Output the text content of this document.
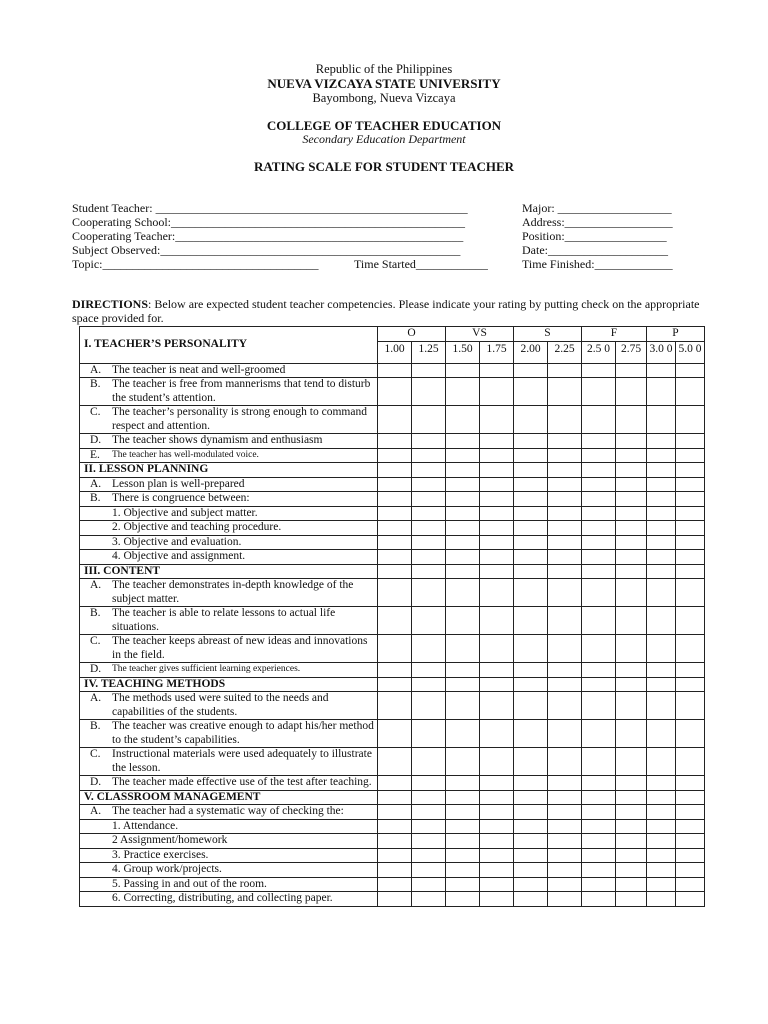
Republic of the Philippines
NUEVA VIZCAYA STATE UNIVERSITY
Bayombong, Nueva Vizcaya
COLLEGE OF TEACHER EDUCATION
Secondary Education Department
RATING SCALE FOR STUDENT TEACHER
Student Teacher: ____________________________________________________	Major: ___________________
Cooperating School:_________________________________________________	Address:__________________
Cooperating Teacher:________________________________________________	Position:_________________
Subject Observed:__________________________________________________	Date:____________________
Topic:____________________________________	Time Started____________	Time Finished:_____________
DIRECTIONS: Below are expected student teacher competencies. Please indicate your rating by putting check on the appropriate space provided for.
I. TEACHER’S PERSONALITY	O		VS		S		F		P	
	1.00	1.25	1.50	1.75	2.00	2.25	2.5 0	2.75	3.0 0	5.0 0

A. The teacher is neat and well-groomed										

B. The teacher is free from mannerisms that tend to disturb the student’s attention.										

C. The teacher’s personality is strong enough to command respect and attention.										

D. The teacher shows dynamism and enthusiasm										

E. The teacher has well-modulated voice.										

II. LESSON PLANNING										

A. Lesson plan is well-prepared										

B. There is congruence between:										

1. Objective and subject matter.										

2. Objective and teaching procedure.										

3. Objective and evaluation.										

4. Objective and assignment.										

III. CONTENT										

A. The teacher demonstrates in-depth knowledge of the subject matter.										

B. The teacher is able to relate lessons to actual life situations.										

C. The teacher keeps abreast of new ideas and innovations in the field.										

D. The teacher gives sufficient learning experiences.										

IV. TEACHING METHODS										

A. The methods used were suited to the needs and capabilities of the students.										

B. The teacher was creative enough to adapt his/her method to the student’s capabilities.										

C. Instructional materials were used adequately to illustrate the lesson.										

D. The teacher made effective use of the test after teaching.										

V. CLASSROOM MANAGEMENT										

A. The teacher had a systematic way of checking the:										

1. Attendance.										

2 Assignment/homework										

3. Practice exercises.										

4. Group work/projects.										

5. Passing in and out of the room.										

6. Correcting, distributing, and collecting paper.										
